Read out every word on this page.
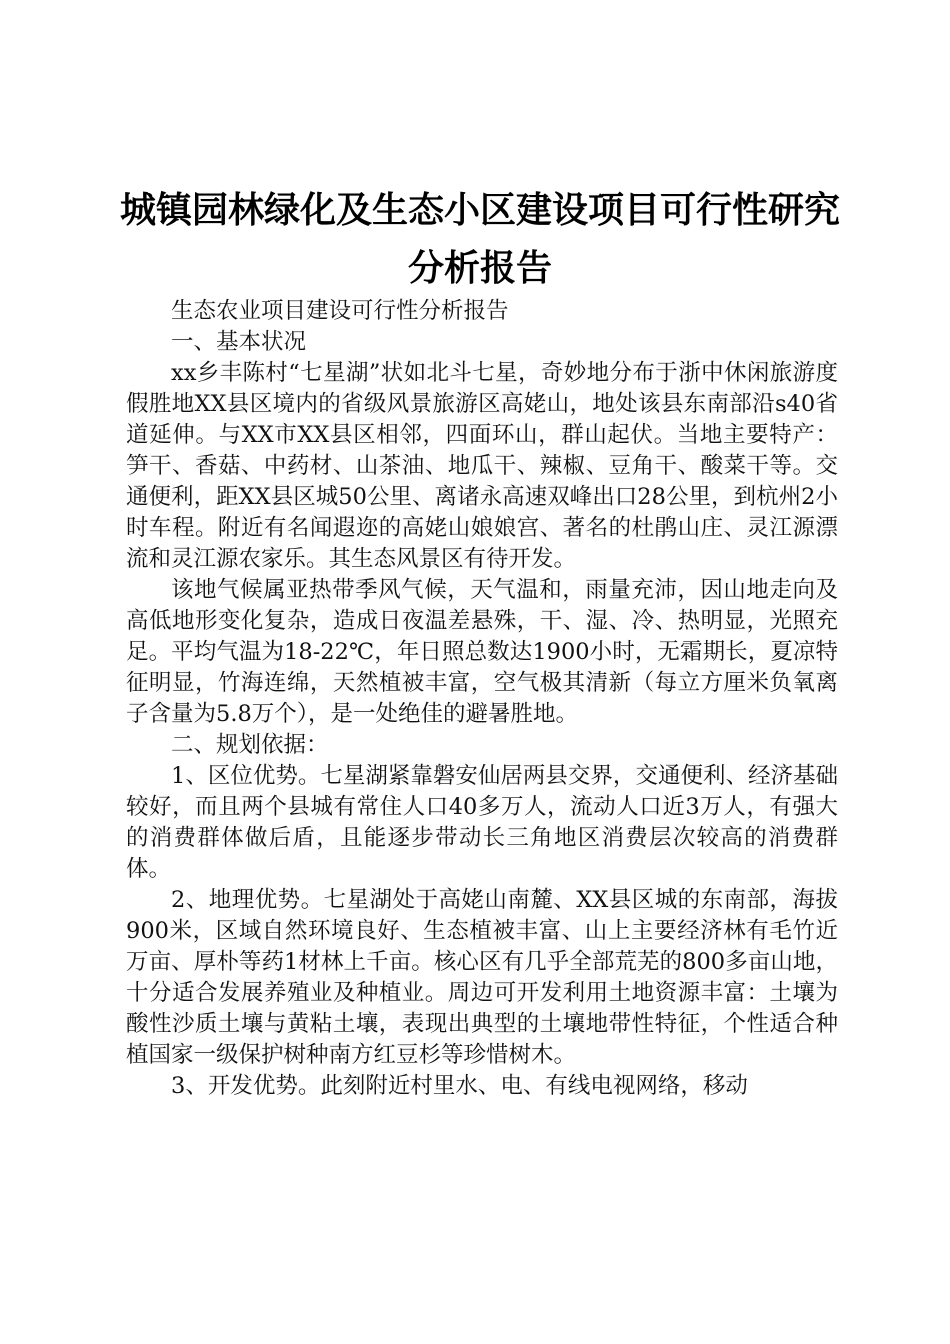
城镇园林绿化及生态小区建设项目可行性研究分析报告

生态农业项目建设可行性分析报告

一、基本状况

xx乡丰陈村“七星湖”状如北斗七星，奇妙地分布于浙中休闲旅游度假胜地XX县区境内的省级风景旅游区高姥山，地处该县东南部沿s40省道延伸。与XX市XX县区相邻，四面环山，群山起伏。当地主要特产：笋干、香菇、中药材、山茶油、地瓜干、辣椒、豆角干、酸菜干等。交通便利，距XX县区城50公里、离诸永高速双峰出口28公里，到杭州2小时车程。附近有名闻遐迩的高姥山娘娘宫、著名的杜鹃山庄、灵江源漂流和灵江源农家乐。其生态风景区有待开发。

该地气候属亚热带季风气候，天气温和，雨量充沛，因山地走向及高低地形变化复杂，造成日夜温差悬殊，干、湿、冷、热明显，光照充足。平均气温为18-22℃，年日照总数达1900小时，无霜期长，夏凉特征明显，竹海连绵，天然植被丰富，空气极其清新（每立方厘米负氧离子含量为5.8万个），是一处绝佳的避暑胜地。

二、规划依据：

1、区位优势。七星湖紧靠磐安仙居两县交界，交通便利、经济基础较好，而且两个县城有常住人口40多万人，流动人口近3万人，有强大的消费群体做后盾，且能逐步带动长三角地区消费层次较高的消费群体。

2、地理优势。七星湖处于高姥山南麓、XX县区城的东南部，海拔900米，区域自然环境良好、生态植被丰富、山上主要经济林有毛竹近万亩、厚朴等药1材林上千亩。核心区有几乎全部荒芜的800多亩山地，十分适合发展养殖业及种植业。周边可开发利用土地资源丰富：土壤为酸性沙质土壤与黄粘土壤，表现出典型的土壤地带性特征，个性适合种植国家一级保护树种南方红豆杉等珍惜树木。

3、开发优势。此刻附近村里水、电、有线电视网络，移动
